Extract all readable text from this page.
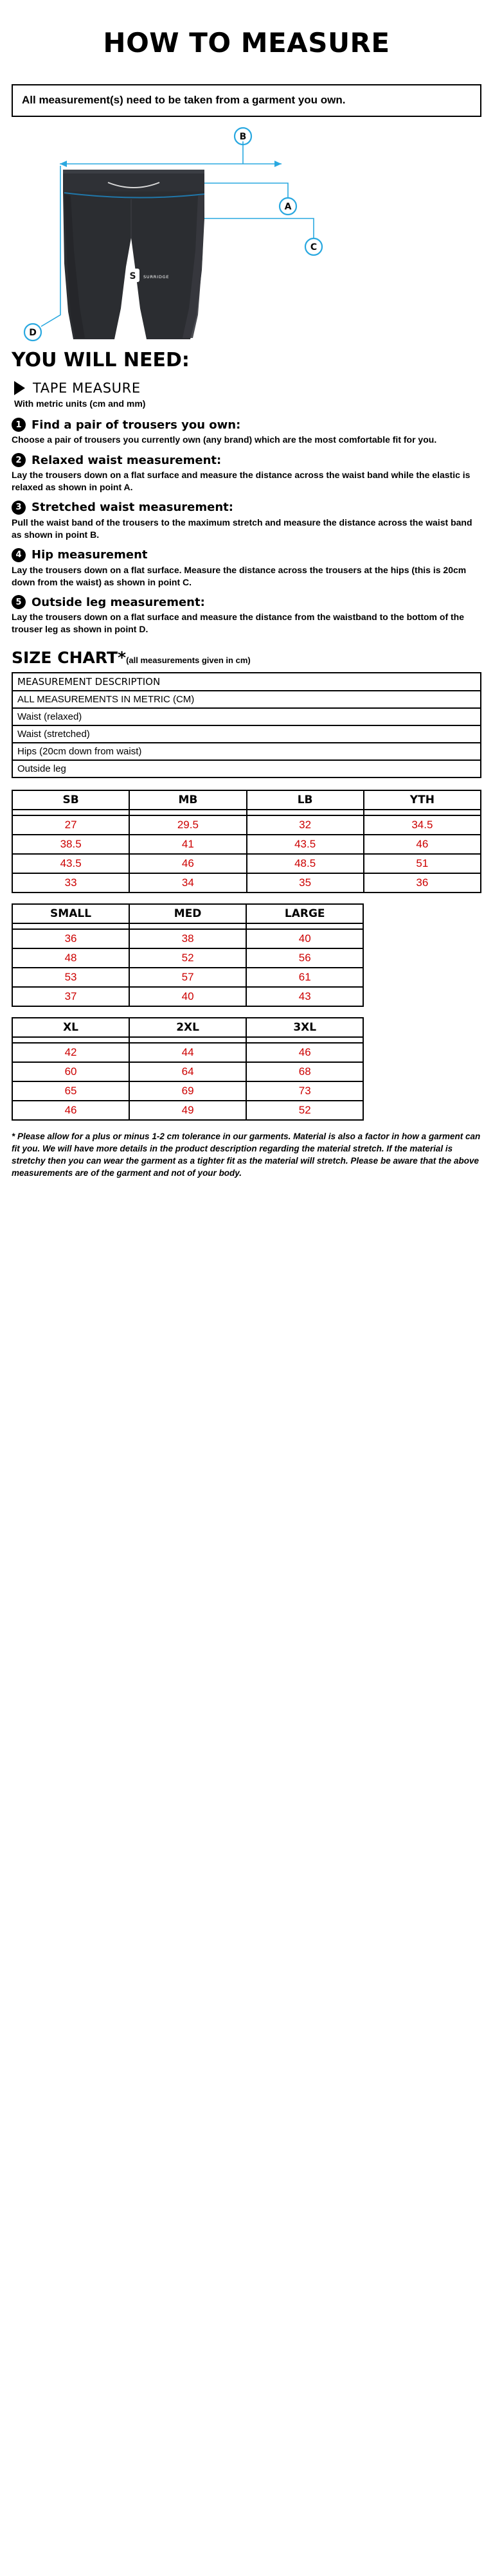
HOW TO MEASURE
All measurement(s) need to be taken from a garment you own.
B
A
C
D
S SURRIDGE
YOU WILL NEED:
TAPE MEASURE
With metric units (cm and mm)
1 Find a pair of trousers you own:
Choose a pair of trousers you currently own (any brand) which are the most comfortable fit for you.
2 Relaxed waist measurement:
Lay the trousers down on a flat surface and measure the distance across the waist band while the elastic is relaxed as shown in point A.
3 Stretched waist measurement:
Pull the waist band of the trousers to the maximum stretch and measure the distance across the waist band as shown in point B.
4 Hip measurement
Lay the trousers down on a flat surface. Measure the distance across the trousers at the hips (this is 20cm down from the waist) as shown in point C.
5 Outside leg measurement:
Lay the trousers down on a flat surface and measure the distance from the waistband to the bottom of the trouser leg as shown in point D.
SIZE CHART*(all measurements given in cm)
MEASUREMENT DESCRIPTION
ALL MEASUREMENTS IN METRIC (CM)
Waist (relaxed)
Waist (stretched)
Hips (20cm down from waist)
Outside leg
SB	MB	LB	YTH

27	29.5	32	34.5
38.5	41	43.5	46
43.5	46	48.5	51
33	34	35	36
SMALL	MED	LARGE

36	38	40
48	52	56
53	57	61
37	40	43
XL	2XL	3XL

42	44	46
60	64	68
65	69	73
46	49	52
* Please allow for a plus or minus 1-2 cm tolerance in our garments. Material is also a factor in how a garment can fit you. We will have more details in the product description regarding the material stretch. If the material is stretchy then you can wear the garment as a tighter fit as the material will stretch. Please be aware that the above measurements are of the garment and not of your body.
